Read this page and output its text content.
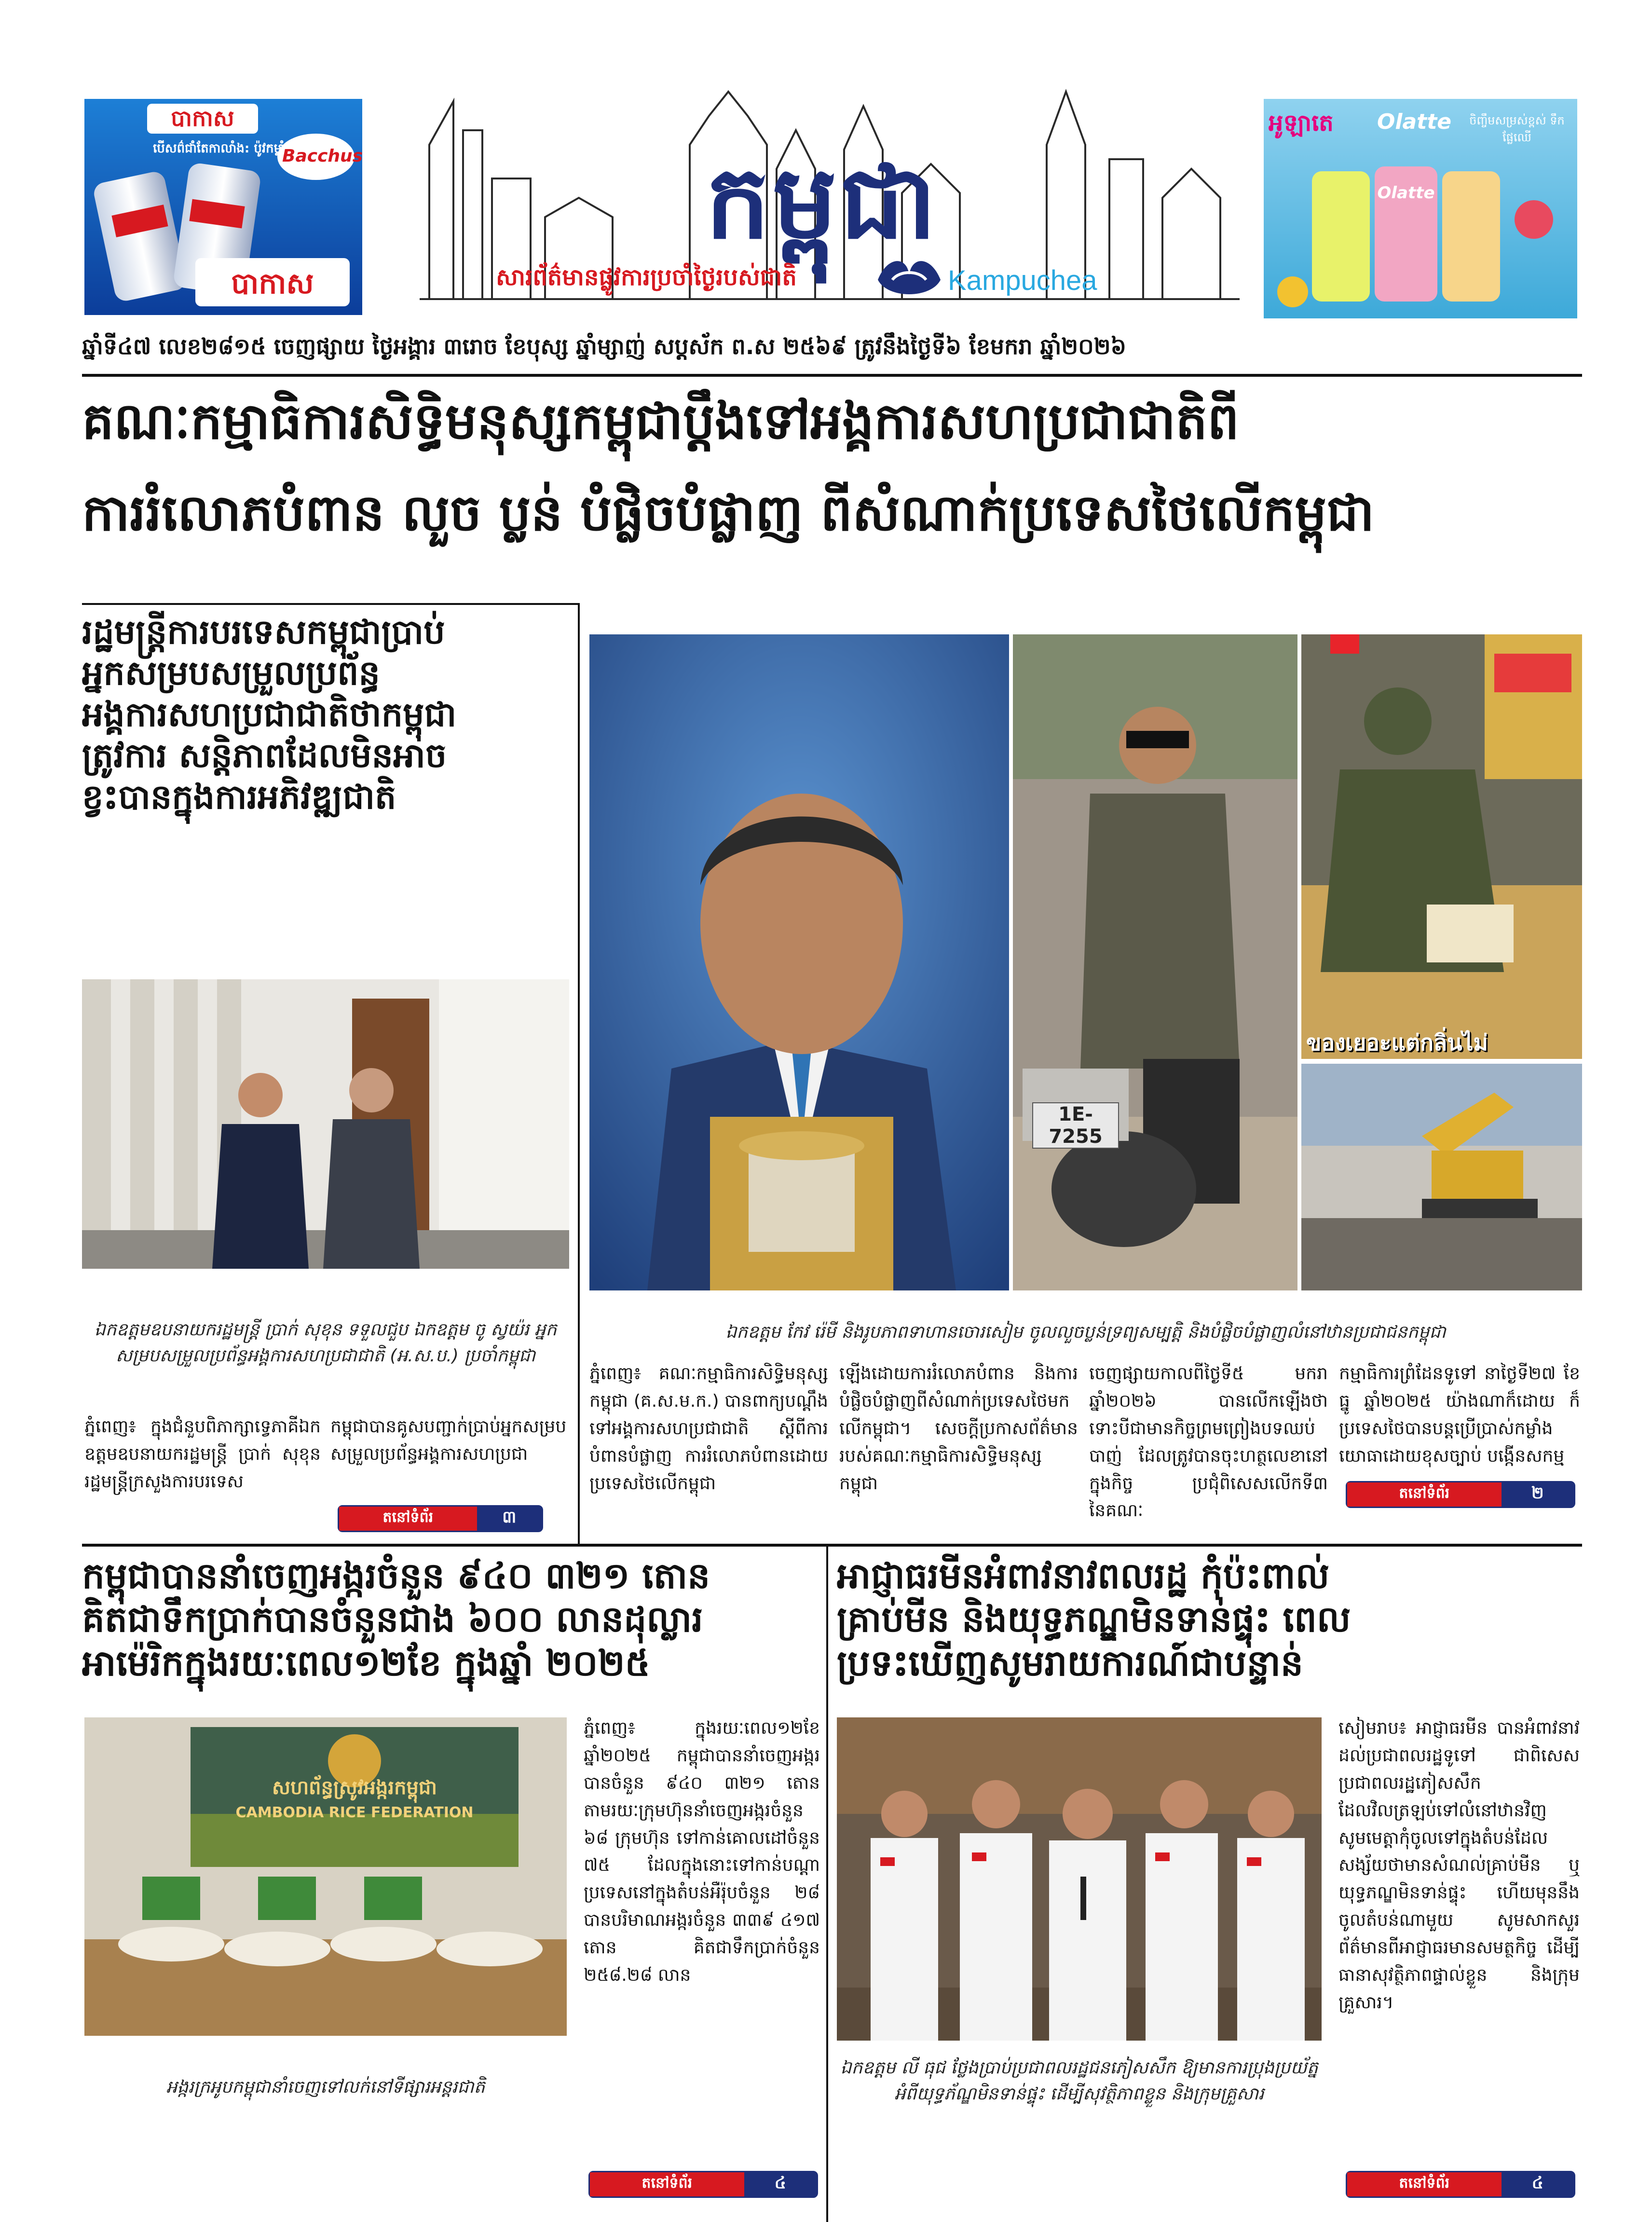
បាកាស
បើសព៌ជាំតែកាលាំង: ប៉ូវកម្លាំង
Bacchus
បាកាស
កម្ពុជា
សារព័ត៌មានផ្លូវការប្រចាំថ្ងៃរបស់ជាតិ	Kampuchea
អូឡាតេ	Olatte	ចិញ្ចឹមសម្រស់ខ្ពស់ ទឹកផ្លែឈើ
Olatte
ឆ្នាំទី៤៧ លេខ២៨១៥ ចេញផ្សាយ ថ្ងៃអង្គារ ៣រោច ខែបុស្ស ឆ្នាំម្សាញ់ សប្តស័ក ព.ស ២៥៦៩ ត្រូវនឹងថ្ងៃទី៦ ខែមករា ឆ្នាំ២០២៦
គណៈកម្មាធិការសិទ្ធិមនុស្សកម្ពុជាប្ដឹងទៅអង្គការសហប្រជាជាតិពី
ការរំលោភបំពាន លួច ប្លន់ បំផ្លិចបំផ្លាញ ពីសំណាក់ប្រទេសថៃលើកម្ពុជា
រដ្ឋមន្ត្រីការបរទេសកម្ពុជាប្រាប់
អ្នកសម្របសម្រួលប្រព័ន្ធ
អង្គការសហប្រជាជាតិថាកម្ពុជា
ត្រូវការ សន្តិភាពដែលមិនអាច
ខ្វះបានក្នុងការអភិវឌ្ឍជាតិ
ឯកឧត្តមឧបនាយករដ្ឋមន្ត្រី ប្រាក់ សុខុន ទទួលជួប ឯកឧត្តម ចូ ស្វយ៉រ អ្នកសម្របសម្រួលប្រព័ន្ធអង្គការសហប្រជាជាតិ (អ.ស.ប.) ប្រចាំកម្ពុជា
ភ្នំពេញ៖ ក្នុងជំនួបពិភាក្សាទ្វេភាគីឯកឧត្តមឧបនាយករដ្ឋមន្ត្រី ប្រាក់ សុខុន រដ្ឋមន្ត្រីក្រសួងការបរទេស
កម្ពុជាបានគូសបញ្ជាក់ប្រាប់អ្នកសម្របសម្រួលប្រព័ន្ធអង្គការសហប្រជា
តនៅទំព័រ	៣
1E-7255
ของเยอะแต่กลิ่นไม่
ឯកឧត្តម កែវ រ៉េមី និងរូបភាពទាហានចោរសៀម ចូលលួចប្លន់ទ្រព្យសម្បត្តិ និងបំផ្លិចបំផ្លាញលំនៅឋានប្រជាជនកម្ពុជា
ភ្នំពេញ៖ គណៈកម្មាធិការសិទ្ធិមនុស្សកម្ពុជា (គ.ស.ម.ក.) បានពាក្យបណ្ដឹងទៅអង្គការសហប្រជាជាតិ ស្ដីពីការបំពានបំផ្លាញ ការរំលោភបំពានដោយប្រទេសថៃលើកម្ពុជា
ឡើងដោយការរំលោភបំពាន និងការបំផ្លិចបំផ្លាញពីសំណាក់ប្រទេសថៃមកលើកម្ពុជា។ សេចក្តីប្រកាសព័ត៌មានរបស់គណៈកម្មាធិការសិទ្ធិមនុស្សកម្ពុជា
ចេញផ្សាយកាលពីថ្ងៃទី៥ មករា ឆ្នាំ២០២៦ បានលើកឡើងថា ទោះបីជាមានកិច្ចព្រមព្រៀងបទឈប់បាញ់ ដែលត្រូវបានចុះហត្ថលេខានៅក្នុងកិច្ច ប្រជុំពិសេសលើកទី៣ នៃគណៈ
កម្មាធិការព្រំដែនទូទៅ នាថ្ងៃទី២៧ ខែធ្នូ ឆ្នាំ២០២៥ យ៉ាងណាក៏ដោយ ក៏ប្រទេសថៃបានបន្តប្រើប្រាស់កម្លាំងយោធាដោយខុសច្បាប់ បង្កើនសកម្ម
តនៅទំព័រ	២
កម្ពុជាបាននាំចេញអង្ករចំនួន ៩៤០ ៣២១ តោន
គិតជាទឹកប្រាក់បានចំនួនជាង ៦០០ លានដុល្លារ
អាម៉េរិកក្នុងរយៈពេល១២ខែ ក្នុងឆ្នាំ ២០២៥
សហព័ន្ធស្រូវអង្ករកម្ពុជា
CAMBODIA RICE FEDERATION
អង្ករក្រអូបកម្ពុជានាំចេញទៅលក់នៅទីផ្សារអន្តរជាតិ
ភ្នំពេញ៖ ក្នុងរយៈពេល១២ខែ ឆ្នាំ២០២៥ កម្ពុជាបាននាំចេញអង្ករបានចំនួន ៩៤០ ៣២១ តោន តាមរយៈក្រុមហ៊ុននាំចេញអង្ករចំនួន ៦៨ ក្រុមហ៊ុន ទៅកាន់គោលដៅចំនួន ៧៥ ដែលក្នុងនោះទៅកាន់បណ្តាប្រទេសនៅក្នុងតំបន់អឺរ៉ុបចំនួន ២៨ បានបរិមាណអង្ករចំនួន ៣៣៩ ៤១៧ តោន គិតជាទឹកប្រាក់ចំនួន ២៥៨.២៨ លាន
តនៅទំព័រ	៤
អាជ្ញាធរមីនអំពាវនាវពលរដ្ឋ កុំប៉ះពាល់
គ្រាប់មីន និងយុទ្ធភណ្ឌមិនទាន់ផ្ទុះ ពេល
ប្រទះឃើញសូមរាយការណ៍ជាបន្ទាន់
ឯកឧត្តម លី ធុជ ថ្លែងប្រាប់ប្រជាពលរដ្ឋជនភៀសសឹក ឱ្យមានការប្រុងប្រយ័ត្ន អំពីយុទ្ធភ័ណ្ឌមិនទាន់ផ្ទុះ ដើម្បីសុវត្ថិភាពខ្លួន និងក្រុមគ្រួសារ
សៀមរាប៖ អាជ្ញាធរមីន បានអំពាវនាវដល់ប្រជាពលរដ្ឋទូទៅ ជាពិសេសប្រជាពលរដ្ឋភៀសសឹក ដែលវិលត្រឡប់ទៅលំនៅឋានវិញ សូមមេត្តាកុំចូលទៅក្នុងតំបន់ដែលសង្ស័យថាមានសំណល់គ្រាប់មីន ឬយុទ្ធភណ្ឌមិនទាន់ផ្ទុះ ហើយមុននឹងចូលតំបន់ណាមួយ សូមសាកសួរព័ត៌មានពីអាជ្ញាធរមានសមត្ថកិច្ច ដើម្បីធានាសុវត្ថិភាពផ្ទាល់ខ្លួន និងក្រុមគ្រួសារ។
តនៅទំព័រ	៤
